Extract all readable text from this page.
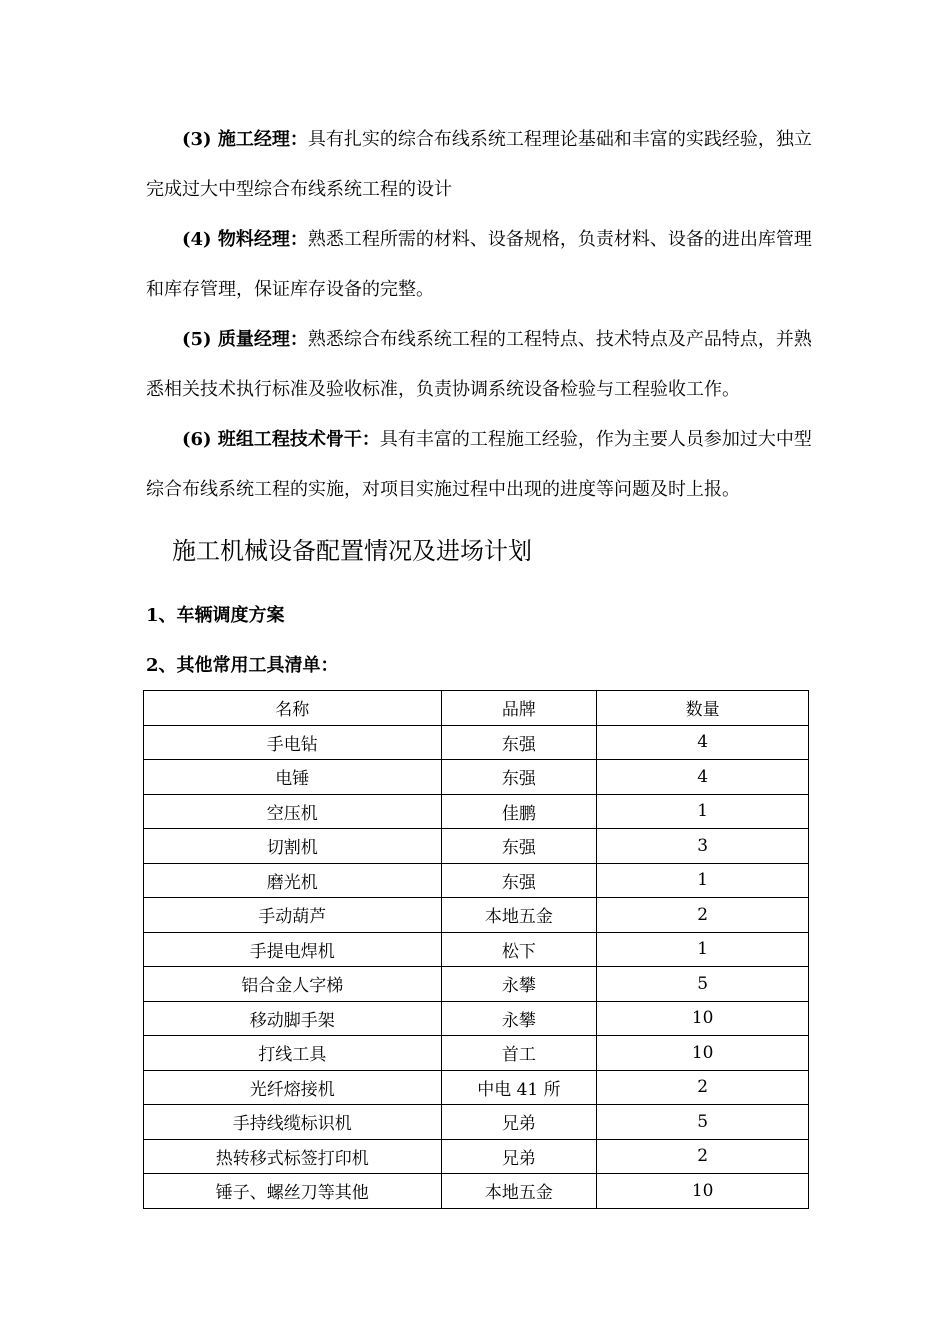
(3) 施工经理：具有扎实的综合布线系统工程理论基础和丰富的实践经验，独立完成过大中型综合布线系统工程的设计

(4) 物料经理：熟悉工程所需的材料、设备规格，负责材料、设备的进出库管理和库存管理，保证库存设备的完整。

(5) 质量经理：熟悉综合布线系统工程的工程特点、技术特点及产品特点，并熟悉相关技术执行标准及验收标准，负责协调系统设备检验与工程验收工作。

(6) 班组工程技术骨干：具有丰富的工程施工经验，作为主要人员参加过大中型综合布线系统工程的实施，对项目实施过程中出现的进度等问题及时上报。

施工机械设备配置情况及进场计划
1、车辆调度方案
2、其他常用工具清单：
名称	品牌	数量
手电钻	东强	4
电锤	东强	4
空压机	佳鹏	1
切割机	东强	3
磨光机	东强	1
手动葫芦	本地五金	2
手提电焊机	松下	1
铝合金人字梯	永攀	5
移动脚手架	永攀	10
打线工具	首工	10
光纤熔接机	中电 41 所	2
手持线缆标识机	兄弟	5
热转移式标签打印机	兄弟	2
锤子、螺丝刀等其他	本地五金	10
